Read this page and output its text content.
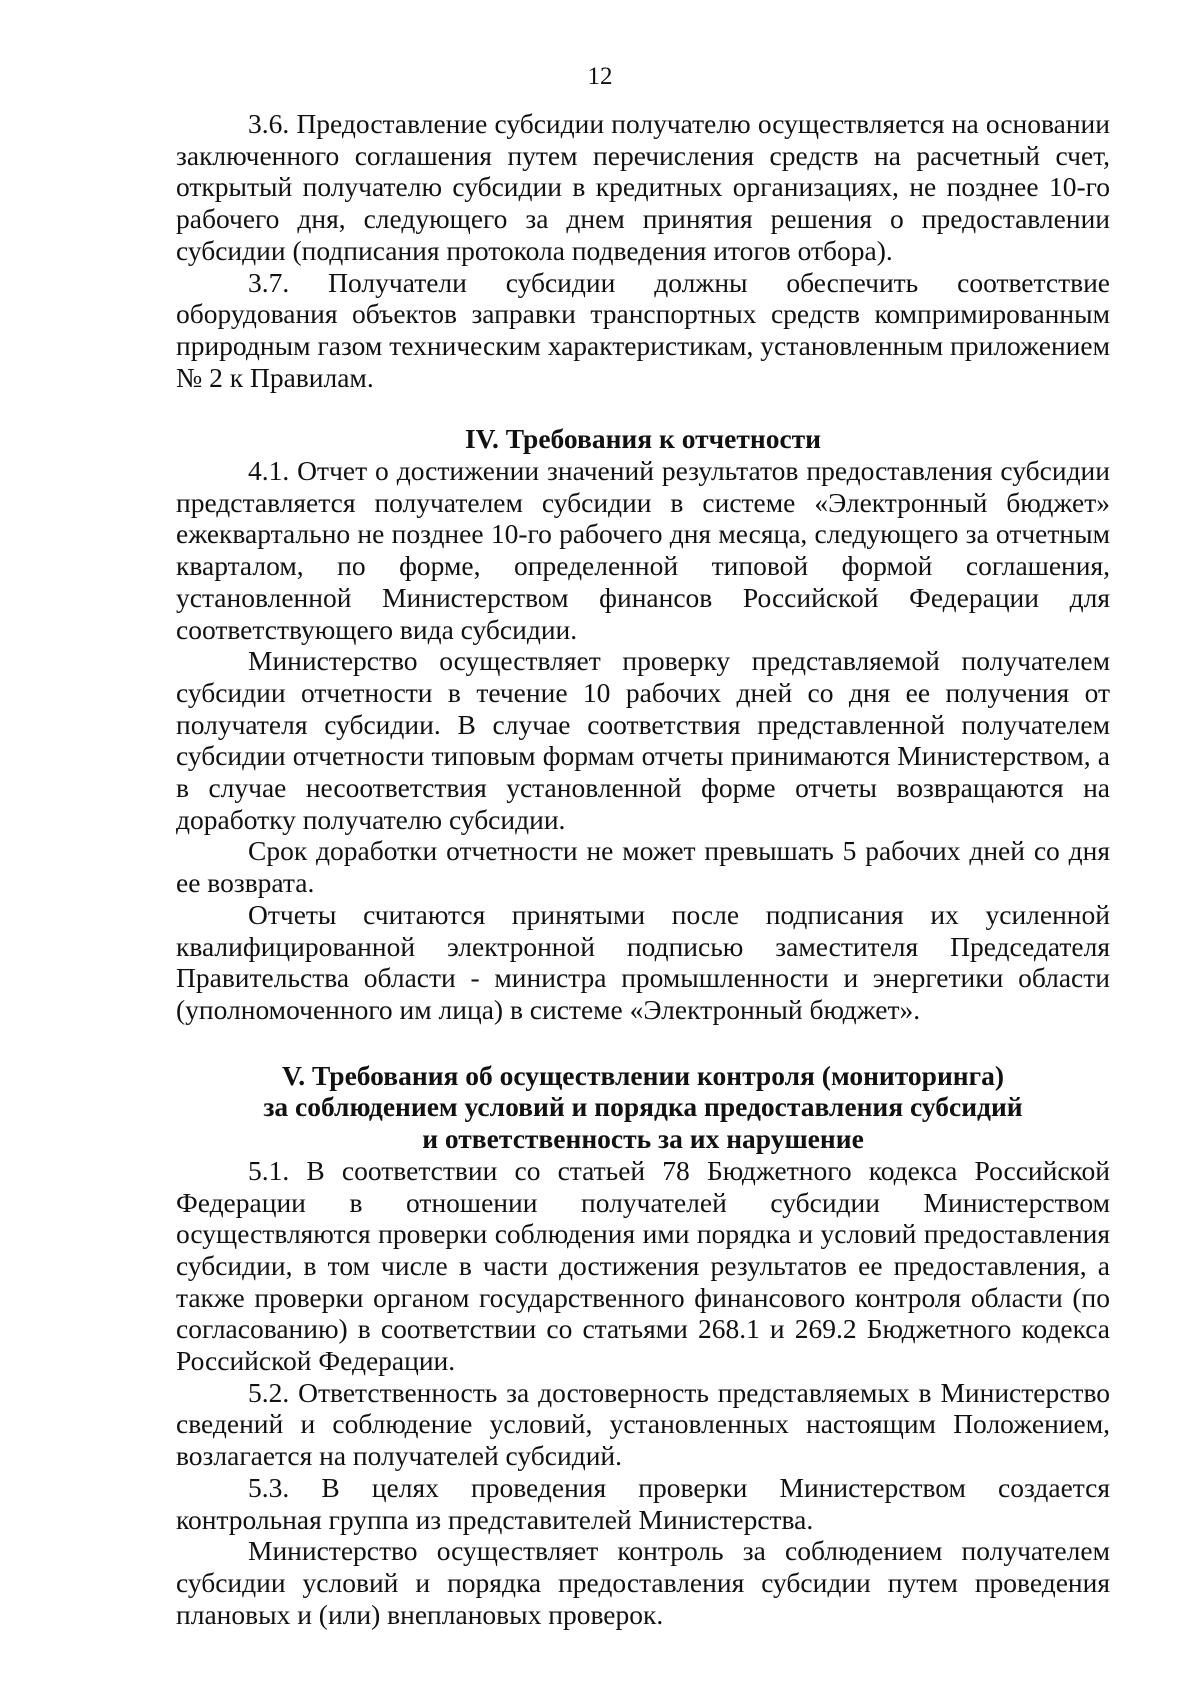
12

3.6. Предоставление субсидии получателю осуществляется на основании заключенного соглашения путем перечисления средств на расчетный счет, открытый получателю субсидии в кредитных организациях, не позднее 10-го рабочего дня, следующего за днем принятия решения о предоставлении субсидии (подписания протокола подведения итогов отбора).

3.7. Получатели субсидии должны обеспечить соответствие оборудования объектов заправки транспортных средств компримированным природным газом техническим характеристикам, установленным приложением № 2 к Правилам.

IV. Требования к отчетности

4.1. Отчет о достижении значений результатов предоставления субсидии представляется получателем субсидии в системе «Электронный бюджет» ежеквартально не позднее 10-го рабочего дня месяца, следующего за отчетным кварталом, по форме, определенной типовой формой соглашения, установленной Министерством финансов Российской Федерации для соответствующего вида субсидии.

Министерство осуществляет проверку представляемой получателем субсидии отчетности в течение 10 рабочих дней со дня ее получения от получателя субсидии. В случае соответствия представленной получателем субсидии отчетности типовым формам отчеты принимаются Министерством, а в случае несоответствия установленной форме отчеты возвращаются на доработку получателю субсидии.

Срок доработки отчетности не может превышать 5 рабочих дней со дня ее возврата.

Отчеты считаются принятыми после подписания их усиленной квалифицированной электронной подписью заместителя Председателя Правительства области - министра промышленности и энергетики области (уполномоченного им лица) в системе «Электронный бюджет».

V. Требования об осуществлении контроля (мониторинга)
за соблюдением условий и порядка предоставления субсидий
и ответственность за их нарушение

5.1. В соответствии со статьей 78 Бюджетного кодекса Российской Федерации в отношении получателей субсидии Министерством осуществляются проверки соблюдения ими порядка и условий предоставления субсидии, в том числе в части достижения результатов ее предоставления, а также проверки органом государственного финансового контроля области (по согласованию) в соответствии со статьями 268.1 и 269.2 Бюджетного кодекса Российской Федерации.

5.2. Ответственность за достоверность представляемых в Министерство сведений и соблюдение условий, установленных настоящим Положением, возлагается на получателей субсидий.

5.3. В целях проведения проверки Министерством создается контрольная группа из представителей Министерства.

Министерство осуществляет контроль за соблюдением получателем субсидии условий и порядка предоставления субсидии путем проведения плановых и (или) внеплановых проверок.
